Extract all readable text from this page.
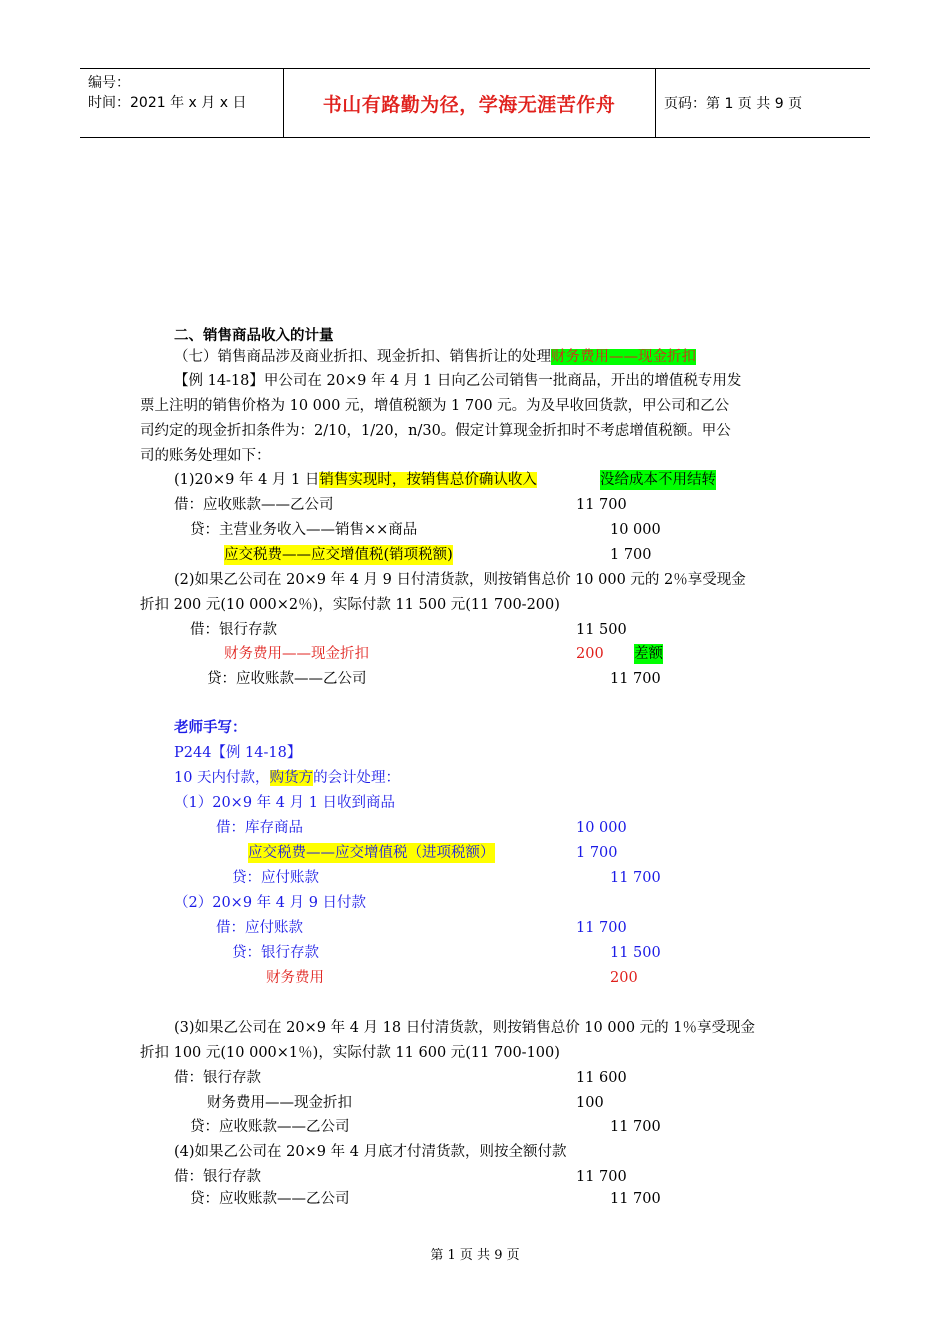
编号：
时间：2021 年 x 月 x 日	书山有路勤为径，学海无涯苦作舟	页码：第 1 页 共 9 页
二、销售商品收入的计量
（七）销售商品涉及商业折扣、现金折扣、销售折让的处理财务费用——现金折扣
【例 14-18】甲公司在 20×9 年 4 月 1 日向乙公司销售一批商品，开出的增值税专用发
票上注明的销售价格为 10 000 元，增值税额为 1 700 元。为及早收回货款，甲公司和乙公
司约定的现金折扣条件为：2/10，1/20，n/30。假定计算现金折扣时不考虑增值税额。甲公
司的账务处理如下：
(1)20×9 年 4 月 1 日销售实现时，按销售总价确认收入	没给成本不用结转
借：应收账款——乙公司	11 700
贷：主营业务收入——销售××商品	10 000
应交税费——应交增值税(销项税额)	1 700
(2)如果乙公司在 20×9 年 4 月 9 日付清货款，则按销售总价 10 000 元的 2％享受现金
折扣 200 元(10 000×2％)，实际付款 11 500 元(11 700-200)
借：银行存款	11 500
财务费用——现金折扣	200 差额
贷：应收账款——乙公司	11 700
老师手写：
P244【例 14-18】
10 天内付款，购货方的会计处理：
（1）20×9 年 4 月 1 日收到商品
借：库存商品	10 000
应交税费——应交增值税（进项税额）	1 700
贷：应付账款	11 700
（2）20×9 年 4 月 9 日付款
借：应付账款	11 700
贷：银行存款	11 500
财务费用	200
(3)如果乙公司在 20×9 年 4 月 18 日付清货款，则按销售总价 10 000 元的 1％享受现金
折扣 100 元(10 000×1％)，实际付款 11 600 元(11 700-100)
借：银行存款	11 600
财务费用——现金折扣	100
贷：应收账款——乙公司	11 700
(4)如果乙公司在 20×9 年 4 月底才付清货款，则按全额付款
借：银行存款	11 700
贷：应收账款——乙公司	11 700
第 1 页 共 9 页
